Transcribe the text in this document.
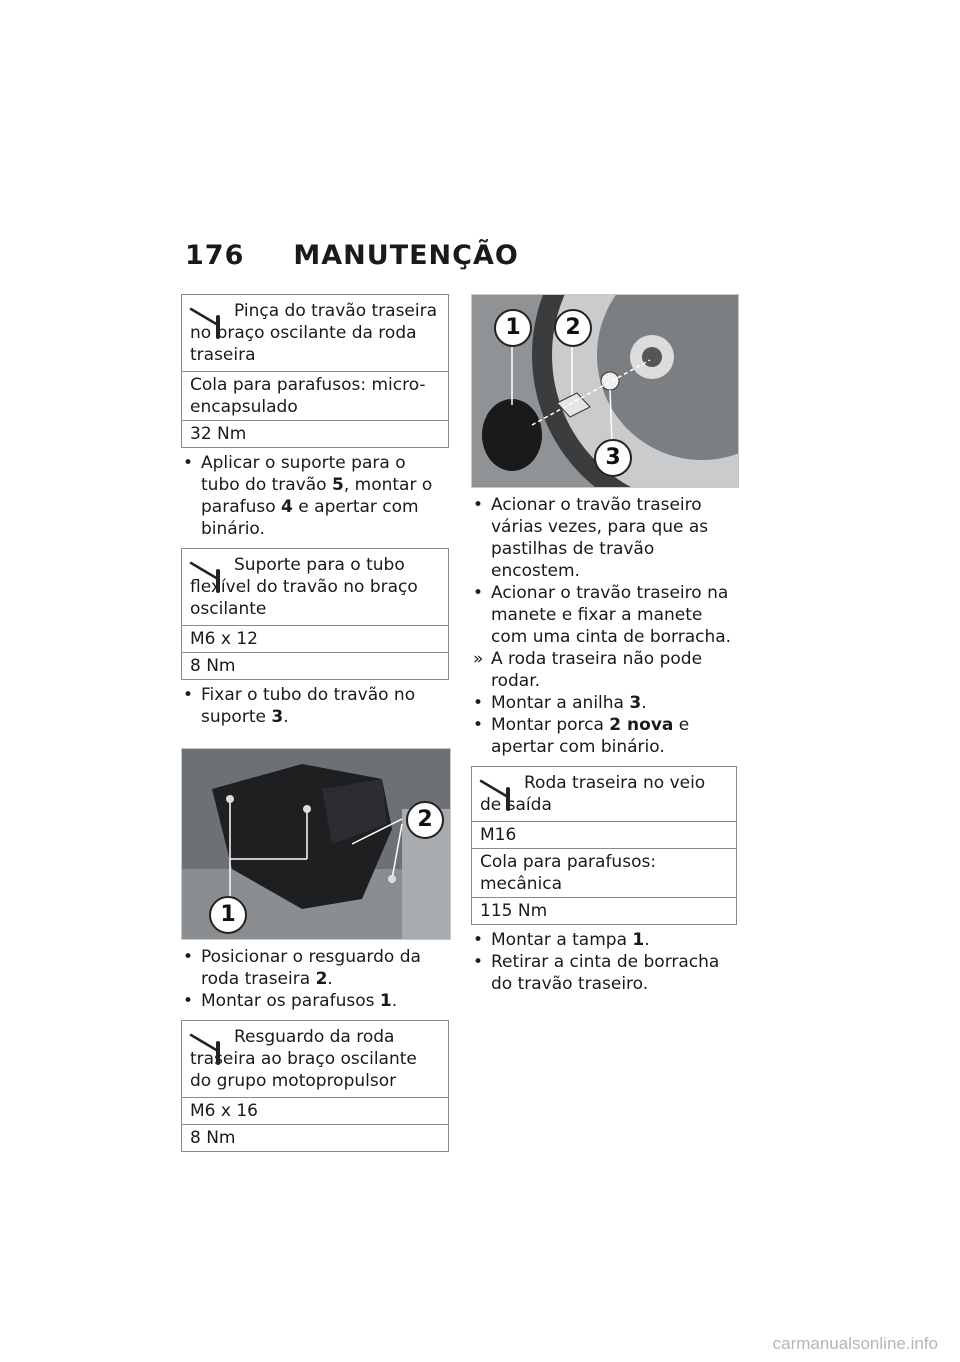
176 MANUTENÇÃO
Pinça do travão traseira no braço oscilante da roda traseira
Cola para parafusos: micro-encapsulado
32 Nm
• Aplicar o suporte para o tubo do travão 5, montar o parafuso 4 e apertar com binário.
Suporte para o tubo flexível do travão no braço oscilante
M6 x 12
8 Nm
• Fixar o tubo do travão no suporte 3.
1
2
• Posicionar o resguardo da roda traseira 2.
• Montar os parafusos 1.
Resguardo da roda traseira ao braço oscilante do grupo motopropulsor
M6 x 16
8 Nm
1	2
3
• Acionar o travão traseiro várias vezes, para que as pastilhas de travão encostem.
• Acionar o travão traseiro na manete e fixar a manete com uma cinta de borracha.
» A roda traseira não pode rodar.
• Montar a anilha 3.
• Montar porca 2 nova e apertar com binário.
Roda traseira no veio de saída
M16
Cola para parafusos: mecânica
115 Nm
• Montar a tampa 1.
• Retirar a cinta de borracha do travão traseiro.
carmanualsonline.info
